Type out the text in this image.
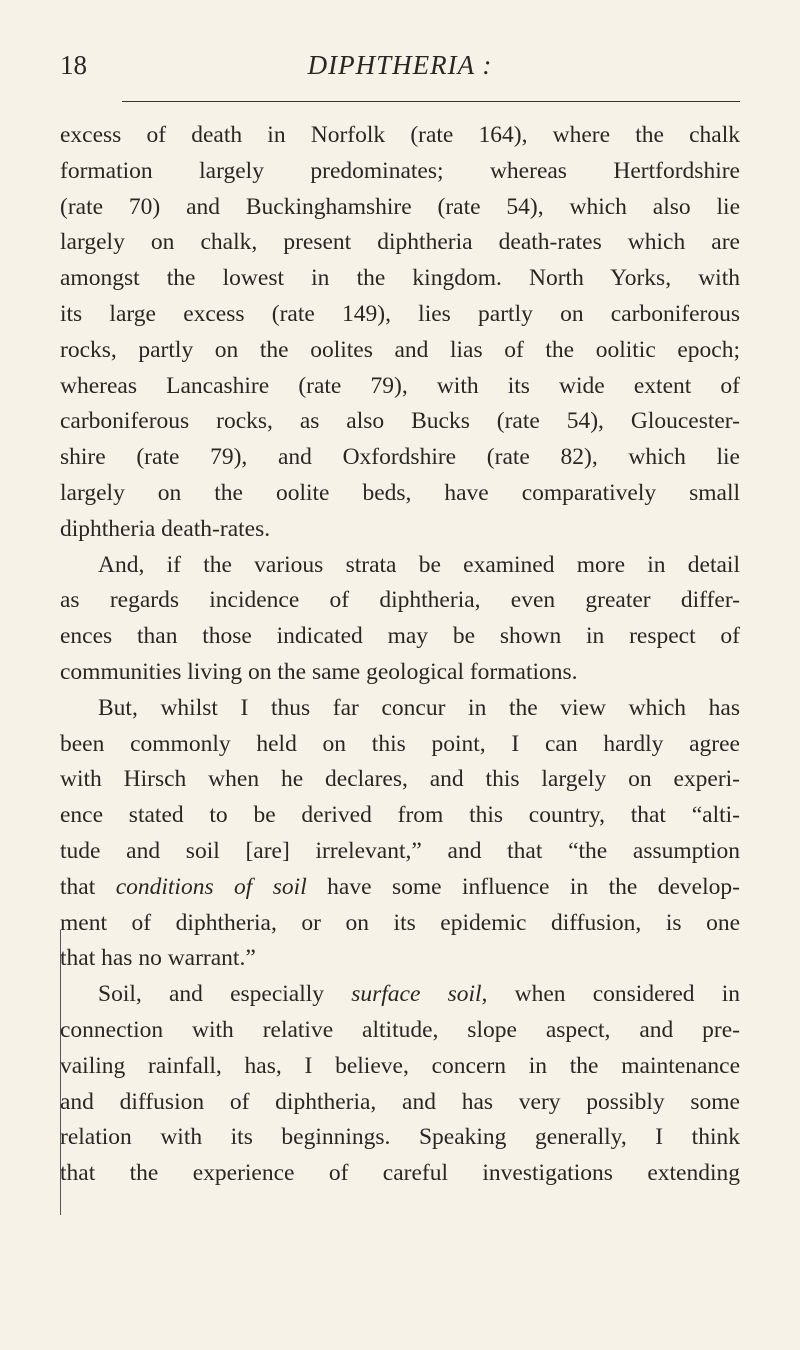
18	DIPHTHERIA :
excess of death in Norfolk (rate 164), where the chalk
formation largely predominates; whereas Hertfordshire
(rate 70) and Buckinghamshire (rate 54), which also lie
largely on chalk, present diphtheria death-rates which are
amongst the lowest in the kingdom. North Yorks, with
its large excess (rate 149), lies partly on carboniferous
rocks, partly on the oolites and lias of the oolitic epoch;
whereas Lancashire (rate 79), with its wide extent of
carboniferous rocks, as also Bucks (rate 54), Gloucester-
shire (rate 79), and Oxfordshire (rate 82), which lie
largely on the oolite beds, have comparatively small
diphtheria death-rates.
And, if the various strata be examined more in detail
as regards incidence of diphtheria, even greater differ-
ences than those indicated may be shown in respect of
communities living on the same geological formations.
But, whilst I thus far concur in the view which has
been commonly held on this point, I can hardly agree
with Hirsch when he declares, and this largely on experi-
ence stated to be derived from this country, that “alti-
tude and soil [are] irrelevant,” and that “the assumption
that conditions of soil have some influence in the develop-
ment of diphtheria, or on its epidemic diffusion, is one
that has no warrant.”
Soil, and especially surface soil, when considered in
connection with relative altitude, slope aspect, and pre-
vailing rainfall, has, I believe, concern in the maintenance
and diffusion of diphtheria, and has very possibly some
relation with its beginnings. Speaking generally, I think
that the experience of careful investigations extending
